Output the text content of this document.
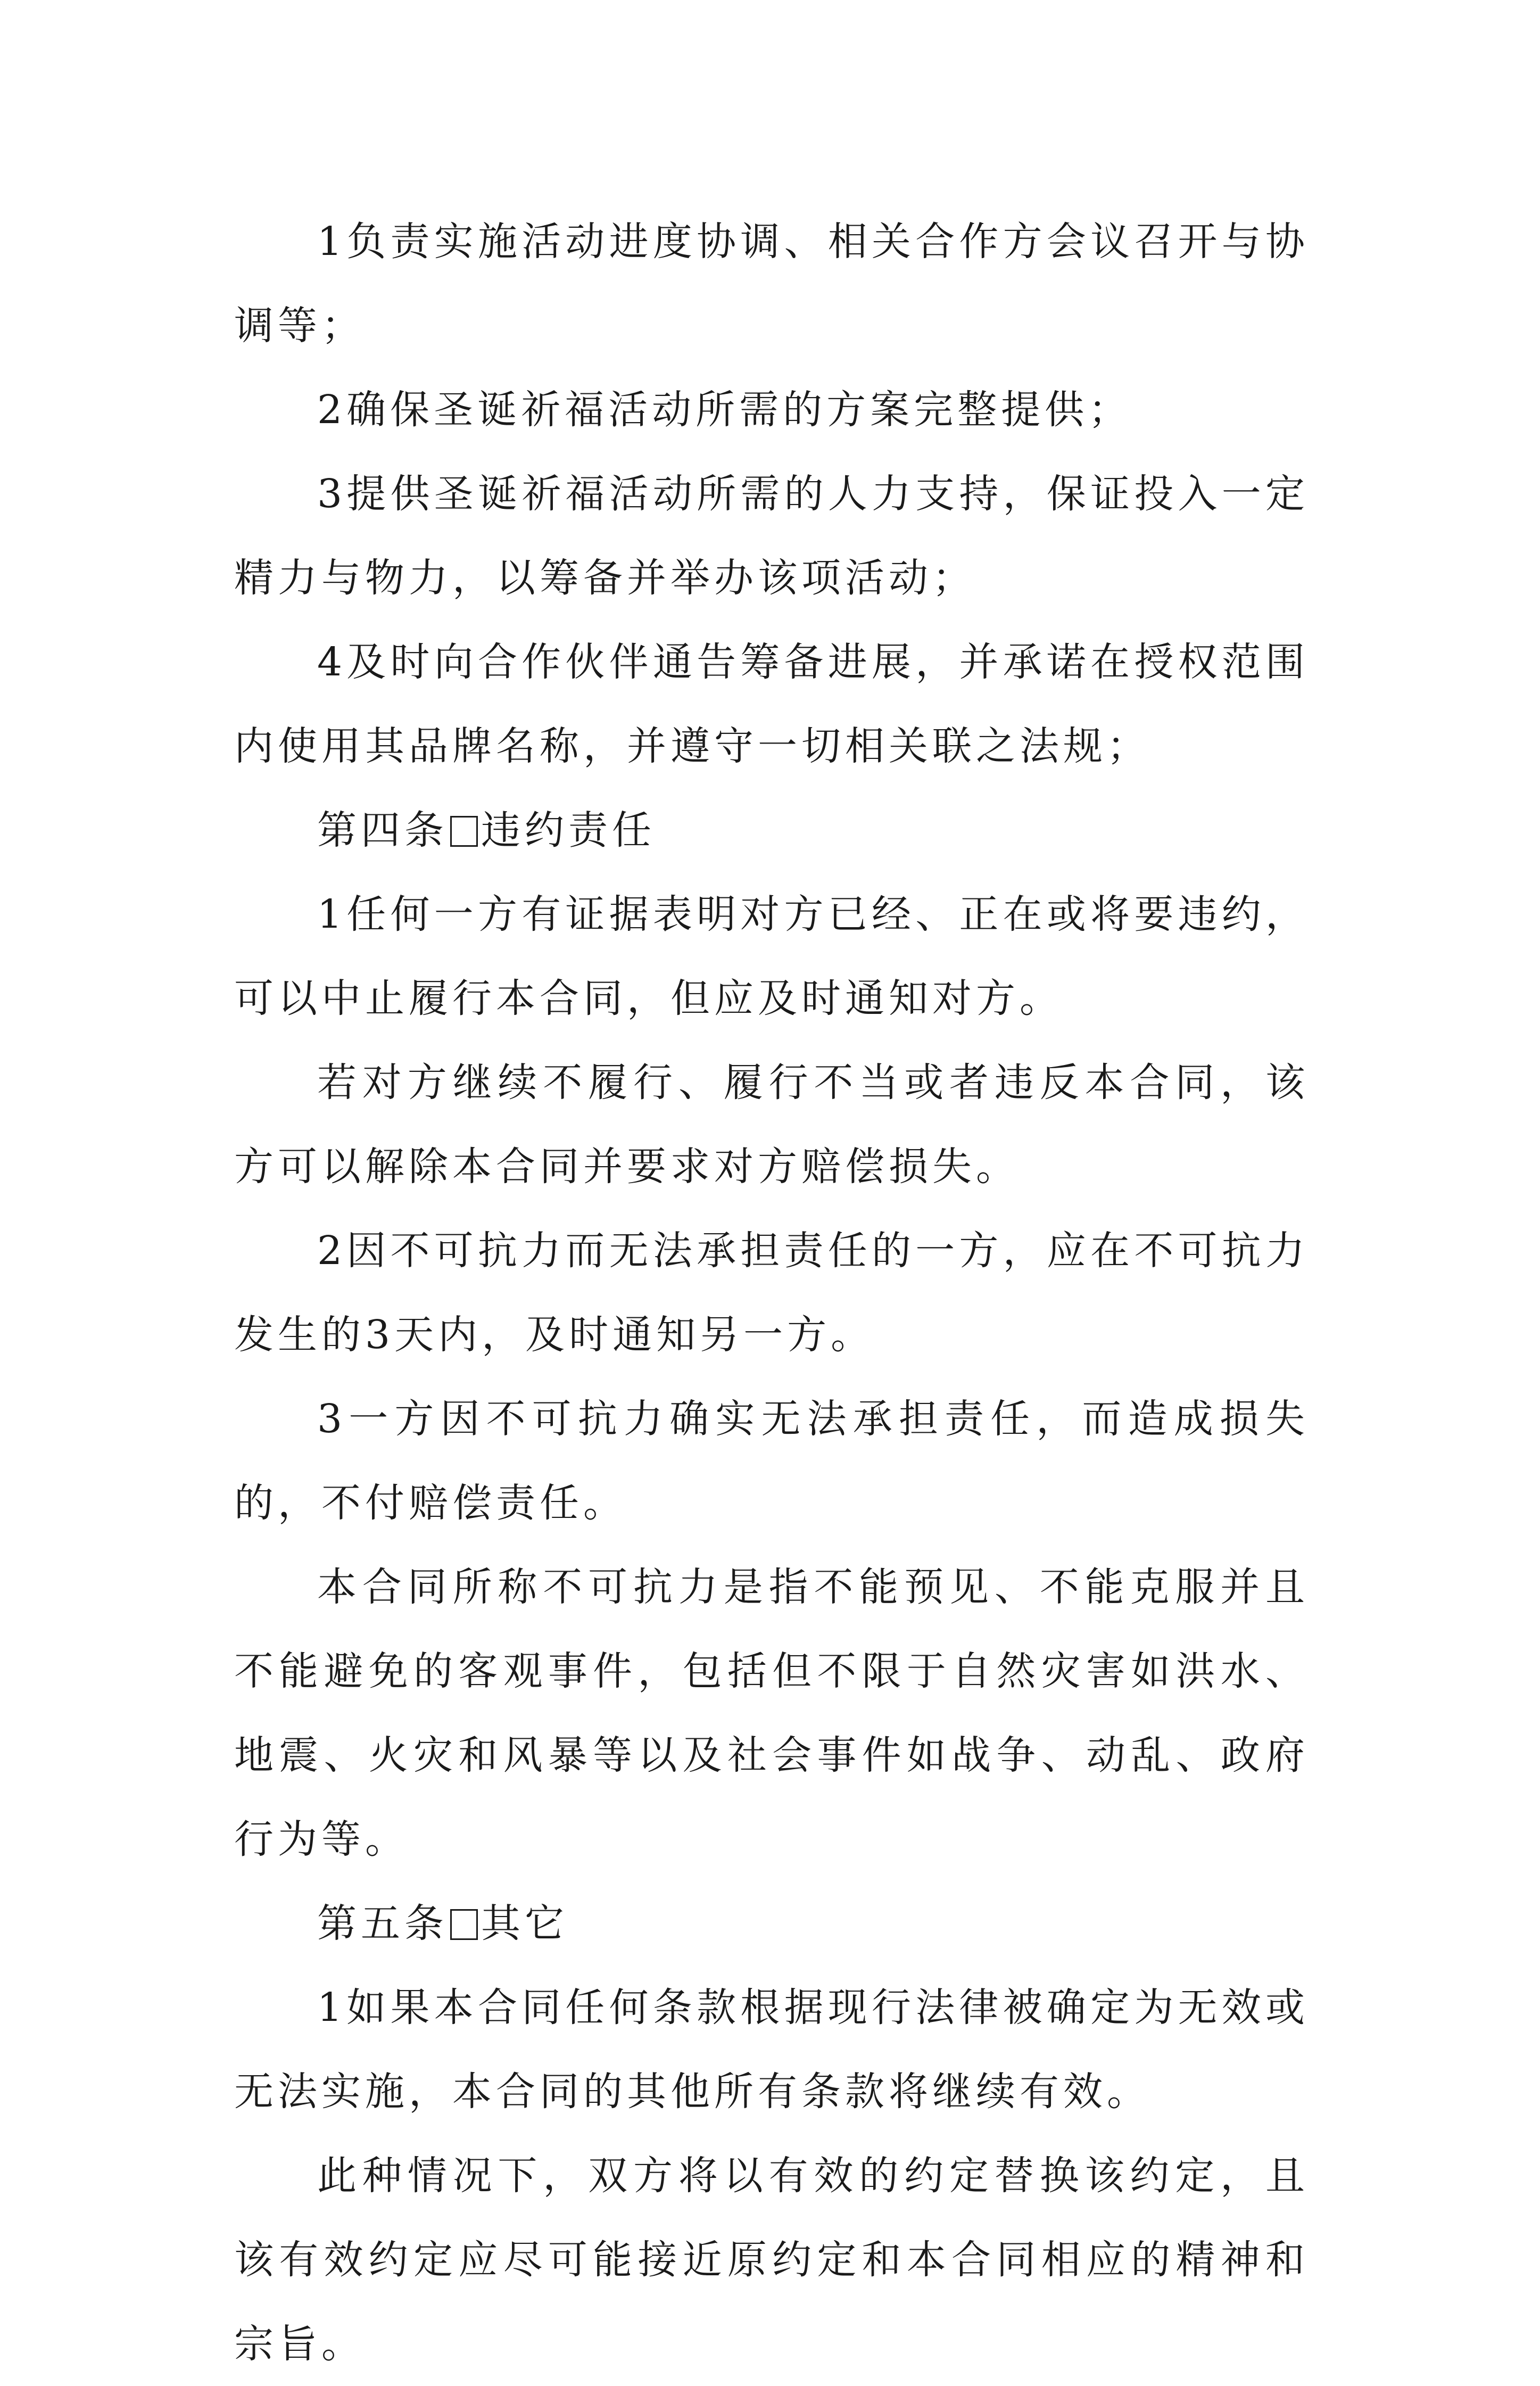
1负责实施活动进度协调、相关合作方会议召开与协调等；

2确保圣诞祈福活动所需的方案完整提供；

3提供圣诞祈福活动所需的人力支持，保证投入一定精力与物力，以筹备并举办该项活动；

4及时向合作伙伴通告筹备进展，并承诺在授权范围内使用其品牌名称，并遵守一切相关联之法规；

第四条 违约责任

1任何一方有证据表明对方已经、正在或将要违约，可以中止履行本合同，但应及时通知对方。

若对方继续不履行、履行不当或者违反本合同，该方可以解除本合同并要求对方赔偿损失。

2因不可抗力而无法承担责任的一方，应在不可抗力发生的3天内，及时通知另一方。

3一方因不可抗力确实无法承担责任，而造成损失的，不付赔偿责任。

本合同所称不可抗力是指不能预见、不能克服并且不能避免的客观事件，包括但不限于自然灾害如洪水、地震、火灾和风暴等以及社会事件如战争、动乱、政府行为等。

第五条 其它

1如果本合同任何条款根据现行法律被确定为无效或无法实施，本合同的其他所有条款将继续有效。

此种情况下，双方将以有效的约定替换该约定，且该有效约定应尽可能接近原约定和本合同相应的精神和宗旨。
